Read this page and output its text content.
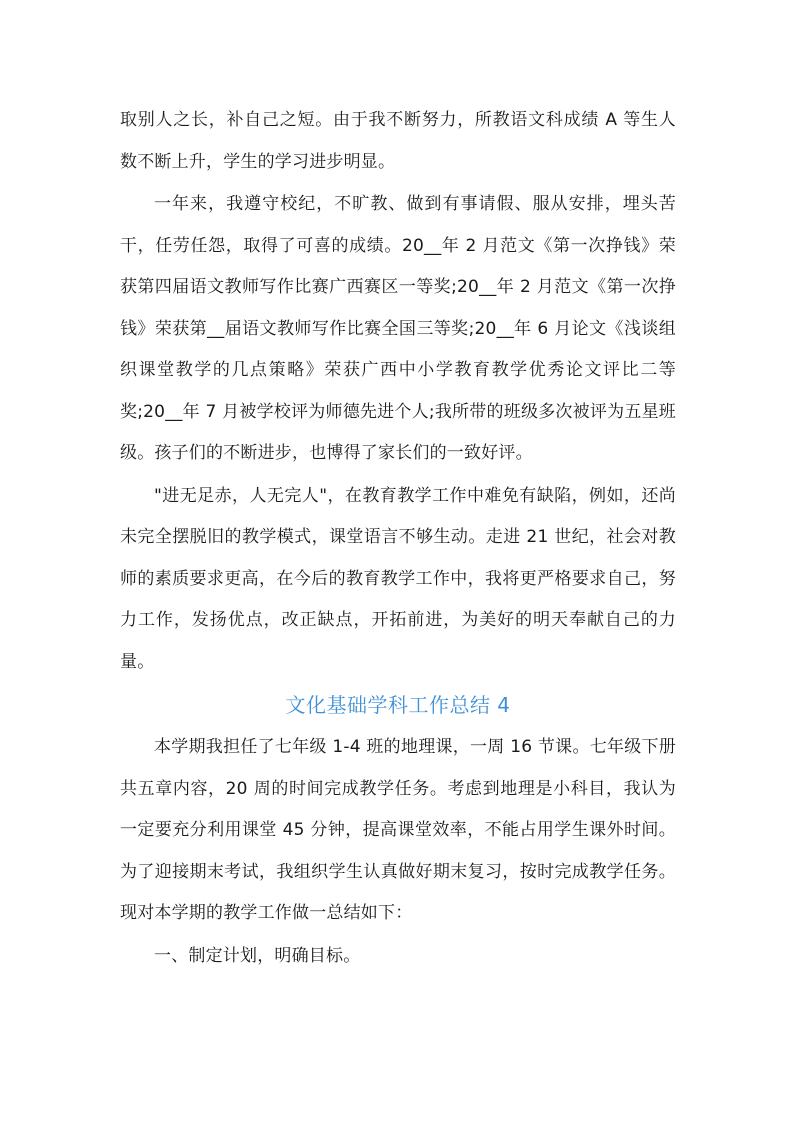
取别人之长，补自己之短。由于我不断努力，所教语文科成绩 A 等生人数不断上升，学生的学习进步明显。

一年来，我遵守校纪，不旷教、做到有事请假、服从安排，埋头苦干，任劳任怨，取得了可喜的成绩。20__年 2 月范文《第一次挣钱》荣获第四届语文教师写作比赛广西赛区一等奖;20__年 2 月范文《第一次挣钱》荣获第__届语文教师写作比赛全国三等奖;20__年 6 月论文《浅谈组织课堂教学的几点策略》荣获广西中小学教育教学优秀论文评比二等奖;20__年 7 月被学校评为师德先进个人;我所带的班级多次被评为五星班级。孩子们的不断进步，也博得了家长们的一致好评。

"进无足赤，人无完人"，在教育教学工作中难免有缺陷，例如，还尚未完全摆脱旧的教学模式，课堂语言不够生动。走进 21 世纪，社会对教师的素质要求更高，在今后的教育教学工作中，我将更严格要求自己，努力工作，发扬优点，改正缺点，开拓前进，为美好的明天奉献自己的力量。

文化基础学科工作总结 4

本学期我担任了七年级 1-4 班的地理课，一周 16 节课。七年级下册共五章内容，20 周的时间完成教学任务。考虑到地理是小科目，我认为一定要充分利用课堂 45 分钟，提高课堂效率，不能占用学生课外时间。为了迎接期末考试，我组织学生认真做好期末复习，按时完成教学任务。现对本学期的教学工作做一总结如下：

一、制定计划，明确目标。
